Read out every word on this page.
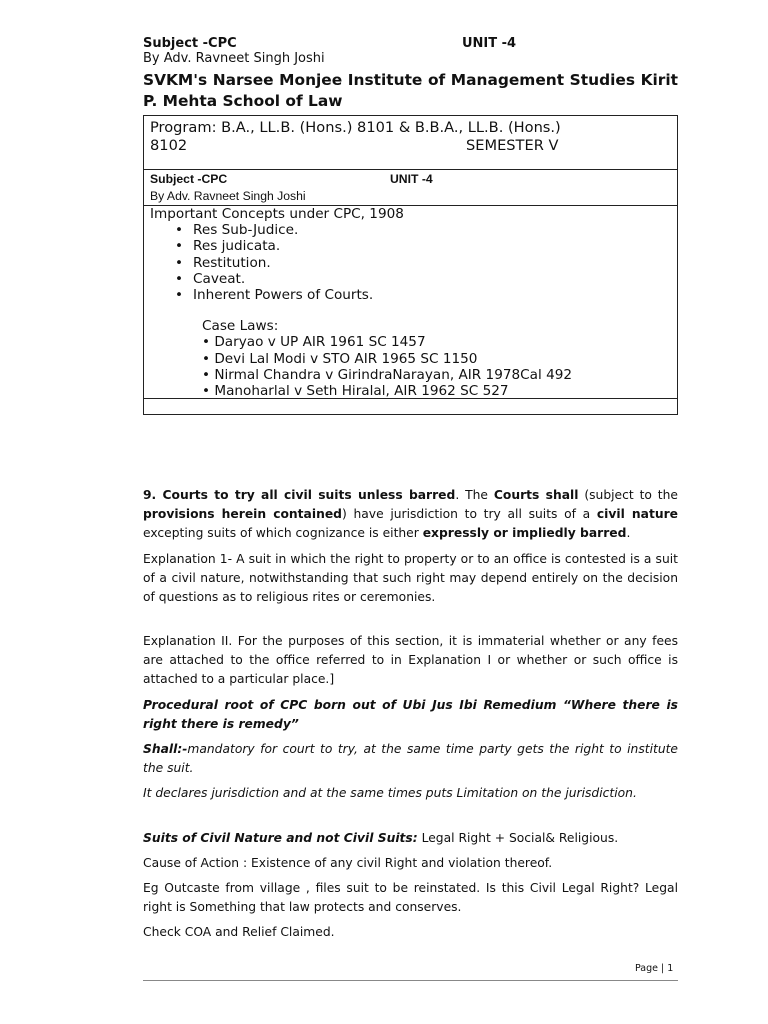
Subject -CPC	UNIT -4
By Adv. Ravneet Singh Joshi
SVKM's Narsee Monjee Institute of Management Studies Kirit P. Mehta School of Law
Program: B.A., LL.B. (Hons.) 8101 & B.B.A., LL.B. (Hons.)
8102	SEMESTER V
Subject -CPC	UNIT -4
By Adv. Ravneet Singh Joshi
Important Concepts under CPC, 1908
• Res Sub-Judice.
• Res judicata.
• Restitution.
• Caveat.
• Inherent Powers of Courts.
Case Laws:
• Daryao v UP AIR 1961 SC 1457
• Devi Lal Modi v STO AIR 1965 SC 1150
• Nirmal Chandra v GirindraNarayan, AIR 1978Cal 492
• Manoharlal v Seth Hiralal, AIR 1962 SC 527

9. Courts to try all civil suits unless barred. The Courts shall (subject to the provisions herein contained) have jurisdiction to try all suits of a civil nature excepting suits of which cognizance is either expressly or impliedly barred.

Explanation 1- A suit in which the right to property or to an office is contested is a suit of a civil nature, notwithstanding that such right may depend entirely on the decision of questions as to religious rites or ceremonies.
Explanation II. For the purposes of this section, it is immaterial whether or any fees are attached to the office referred to in Explanation I or whether or such office is attached to a particular place.]

Procedural root of CPC born out of Ubi Jus Ibi Remedium “Where there is right there is remedy”

Shall:-mandatory for court to try, at the same time party gets the right to institute the suit.

It declares jurisdiction and at the same times puts Limitation on the jurisdiction.

Suits of Civil Nature and not Civil Suits: Legal Right + Social& Religious.

Cause of Action : Existence of any civil Right and violation thereof.
Eg Outcaste from village , files suit to be reinstated. Is this Civil Legal Right? Legal right is Something that law protects and conserves.
Check COA and Relief Claimed.
Page | 1
